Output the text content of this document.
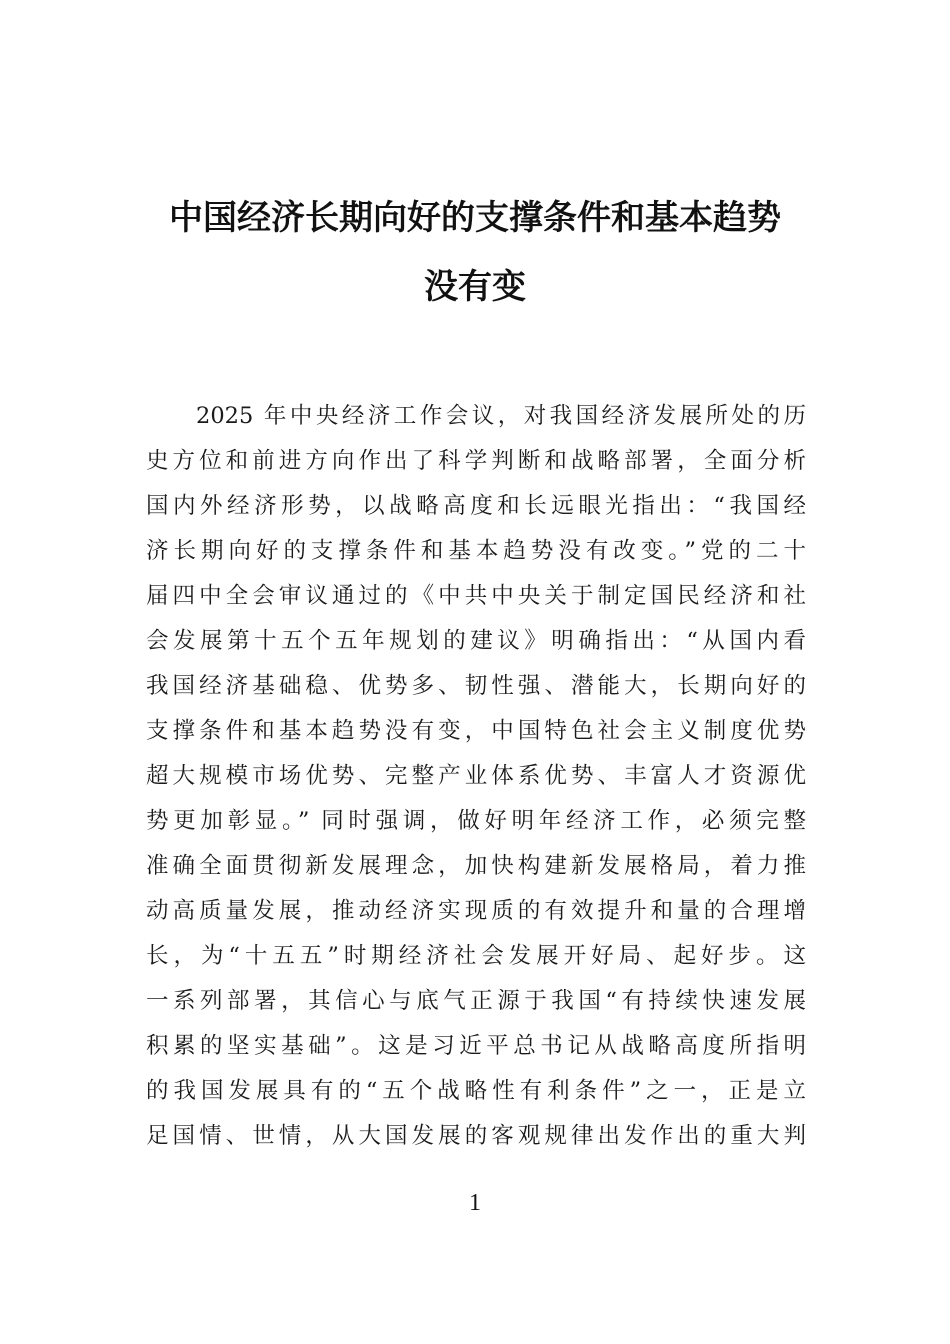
中国经济长期向好的支撑条件和基本趋势
没有变
2025 年中央经济工作会议，对我国经济发展所处的历
史方位和前进方向作出了科学判断和战略部署，全面分析
国内外经济形势，以战略高度和长远眼光指出：“我国经
济长期向好的支撑条件和基本趋势没有改变。”党的二十
届四中全会审议通过的《中共中央关于制定国民经济和社
会发展第十五个五年规划的建议》明确指出：“从国内看
我国经济基础稳、优势多、韧性强、潜能大，长期向好的
支撑条件和基本趋势没有变，中国特色社会主义制度优势
超大规模市场优势、完整产业体系优势、丰富人才资源优
势更加彰显。” 同时强调，做好明年经济工作，必须完整
准确全面贯彻新发展理念，加快构建新发展格局，着力推
动高质量发展，推动经济实现质的有效提升和量的合理增
长，为“十五五”时期经济社会发展开好局、起好步。这
一系列部署，其信心与底气正源于我国“有持续快速发展
积累的坚实基础”。这是习近平总书记从战略高度所指明
的我国发展具有的“五个战略性有利条件”之一，正是立
足国情、世情，从大国发展的客观规律出发作出的重大判
1
